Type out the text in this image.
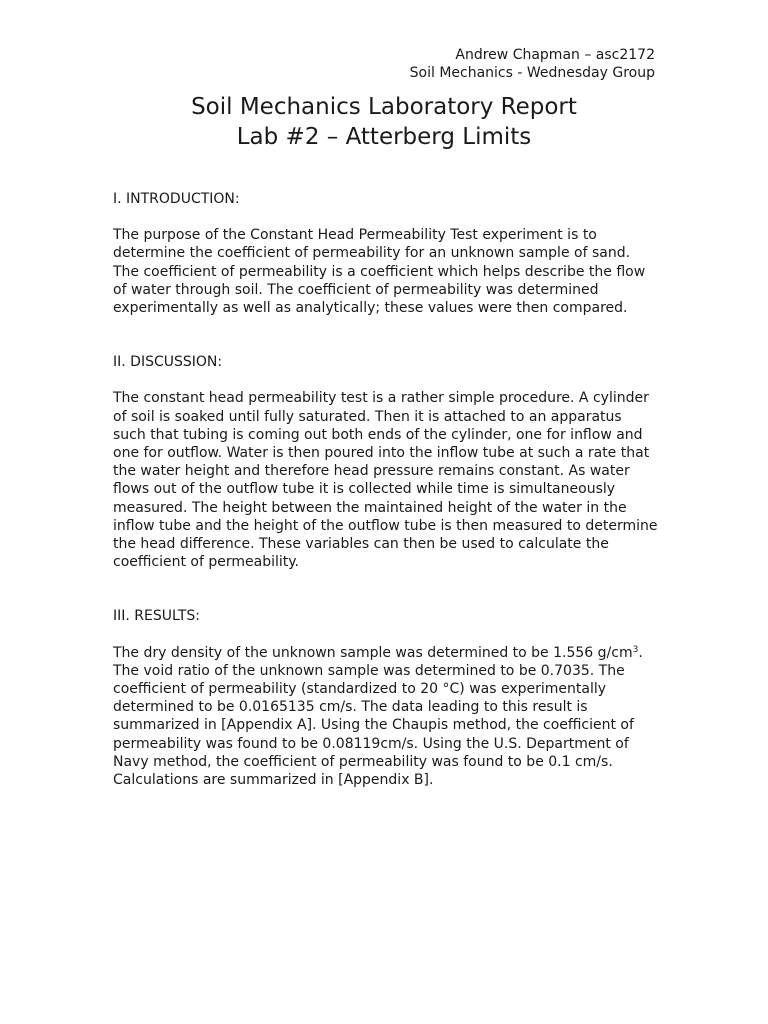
Andrew Chapman – asc2172
Soil Mechanics - Wednesday Group
Soil Mechanics Laboratory Report
Lab #2 – Atterberg Limits

I. INTRODUCTION:

The purpose of the Constant Head Permeability Test experiment is to determine the coefficient of permeability for an unknown sample of sand. The coefficient of permeability is a coefficient which helps describe the flow of water through soil. The coefficient of permeability was determined experimentally as well as analytically; these values were then compared.

II. DISCUSSION:

The constant head permeability test is a rather simple procedure. A cylinder of soil is soaked until fully saturated. Then it is attached to an apparatus such that tubing is coming out both ends of the cylinder, one for inflow and one for outflow. Water is then poured into the inflow tube at such a rate that the water height and therefore head pressure remains constant. As water flows out of the outflow tube it is collected while time is simultaneously measured. The height between the maintained height of the water in the inflow tube and the height of the outflow tube is then measured to determine the head difference. These variables can then be used to calculate the coefficient of permeability.

III. RESULTS:

The dry density of the unknown sample was determined to be 1.556 $g/cm^3$. The void ratio of the unknown sample was determined to be 0.7035. The coefficient of permeability (standardized to 20 °C) was experimentally determined to be 0.0165135 cm/s. The data leading to this result is summarized in [Appendix A]. Using the Chaupis method, the coefficient of permeability was found to be 0.08119cm/s. Using the U.S. Department of Navy method, the coefficient of permeability was found to be 0.1 cm/s. Calculations are summarized in [Appendix B].
